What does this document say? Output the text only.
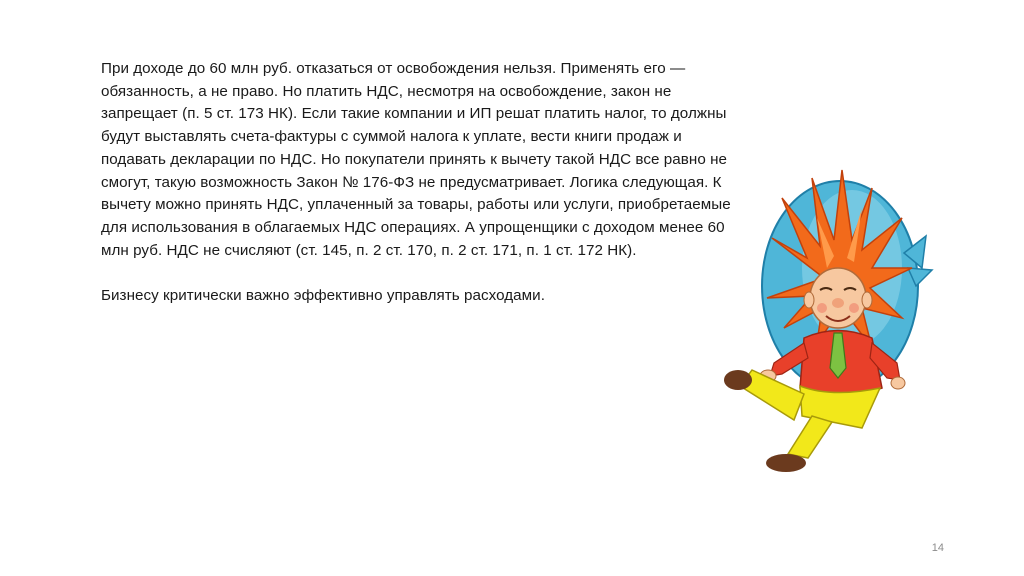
При доходе до 60 млн руб. отказаться от освобождения нельзя. Применять его — обязанность, а не право. Но платить НДС, несмотря на освобождение, закон не запрещает (п. 5 ст. 173 НК). Если такие компании и ИП решат платить налог, то должны будут выставлять счета-фактуры с суммой налога к уплате, вести книги продаж и подавать декларации по НДС. Но покупатели принять к вычету такой НДС все равно не смогут, такую возможность Закон № 176-ФЗ не предусматривает. Логика следующая. К вычету можно принять НДС, уплаченный за товары, работы или услуги, приобретаемые для использования в облагаемых НДС операциях. А упрощенщики с доходом менее 60 млн руб. НДС не счисляют (ст. 145, п. 2 ст. 170, п. 2 ст. 171, п. 1 ст. 172 НК).

Бизнесу критически важно эффективно управлять расходами.

14
